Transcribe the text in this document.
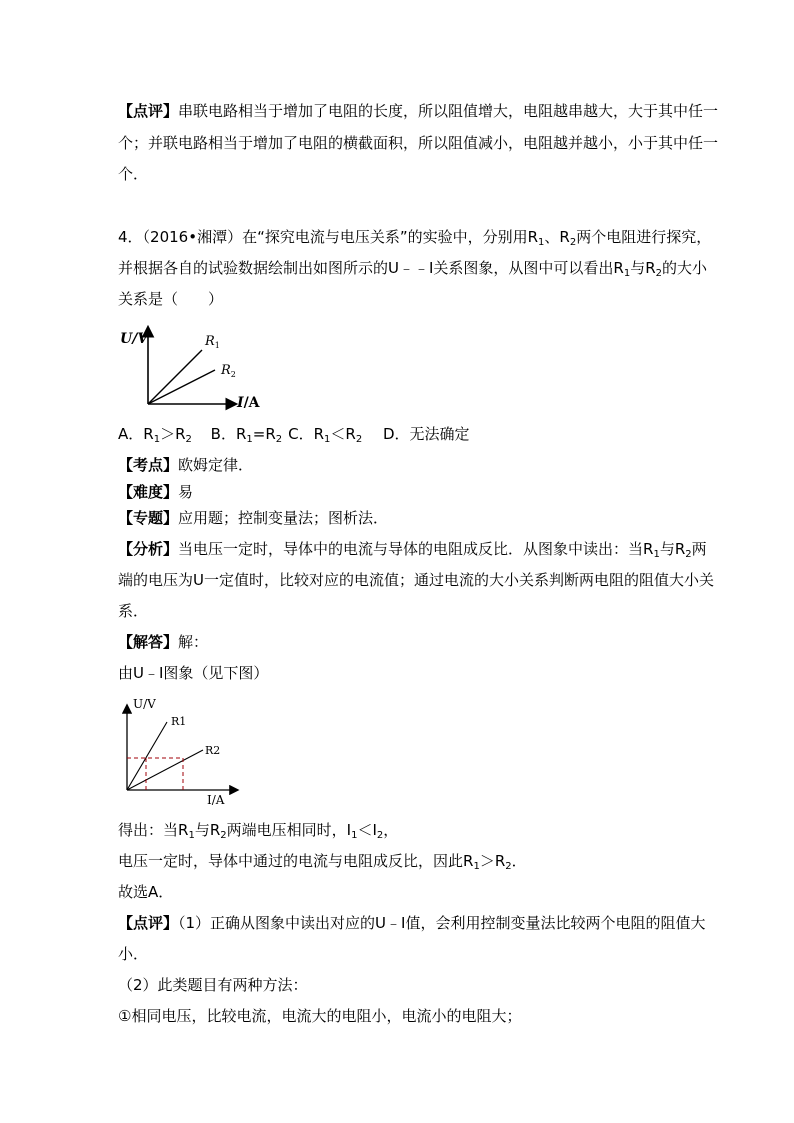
【点评】串联电路相当于增加了电阻的长度，所以阻值增大，电阻越串越大，大于其中任一
个；并联电路相当于增加了电阻的横截面积，所以阻值减小，电阻越并越小，小于其中任一
个．
4．（2016•湘潭）在“探究电流与电压关系”的实验中，分别用$R_1$、$R_2$两个电阻进行探究，
并根据各自的试验数据绘制出如图所示的U﹣﹣I关系图象，从图中可以看出$R_1$与$R_2$的大小
关系是（　　）
U/V
I/A
$R_1$
$R_2$
A．$R_1>R_2$ B．$R_1=R_2$ C．$R_1<R_2$ D．无法确定
【考点】欧姆定律．
【难度】易
【专题】应用题；控制变量法；图析法．
【分析】当电压一定时，导体中的电流与导体的电阻成反比．从图象中读出：当$R_1$与$R_2$两
端的电压为U一定值时，比较对应的电流值；通过电流的大小关系判断两电阻的阻值大小关
系．
【解答】解：
由U﹣I图象（见下图）
U/V
I/A
R1
R2
得出：当$R_1$与$R_2$两端电压相同时，$I_1<I_2$，
电压一定时，导体中通过的电流与电阻成反比，因此$R_1>R_2$．
故选A．
【点评】（1）正确从图象中读出对应的U﹣I值，会利用控制变量法比较两个电阻的阻值大
小．
（2）此类题目有两种方法：
①相同电压，比较电流，电流大的电阻小，电流小的电阻大；
